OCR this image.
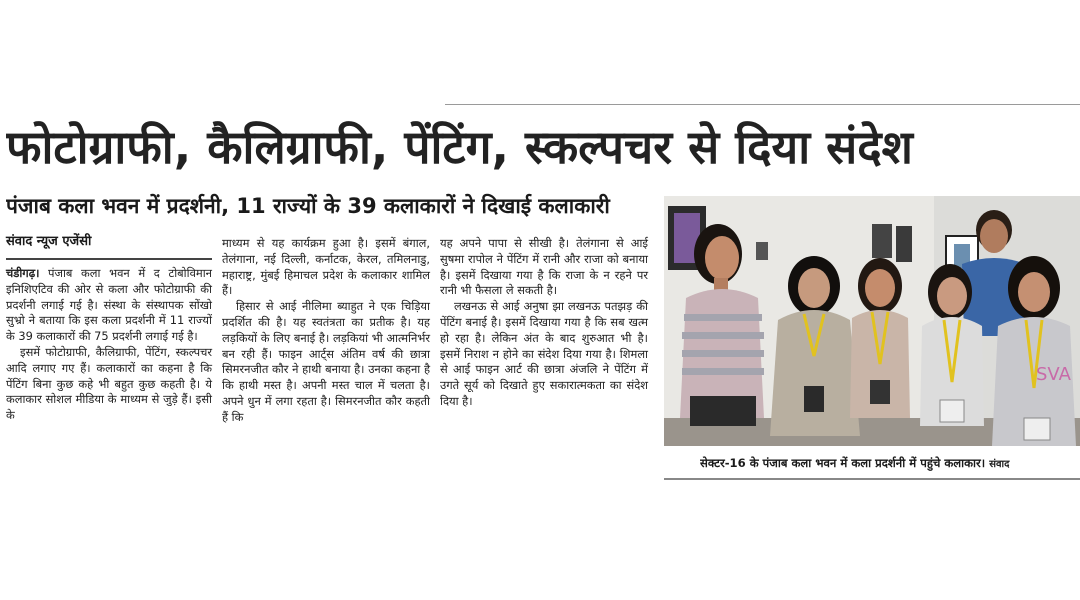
फोटोग्राफी, कैलिग्राफी, पेंटिंग, स्कल्पचर से दिया संदेश
पंजाब कला भवन में प्रदर्शनी, 11 राज्यों के 39 कलाकारों ने दिखाई कलाकारी
संवाद न्यूज एजेंसी

चंडीगढ़। पंजाब कला भवन में द टोबोविमान इनिशिएटिव की ओर से कला और फोटोग्राफी की प्रदर्शनी लगाई गई है। संस्था के संस्थापक सोंखो सुभ्रो ने बताया कि इस कला प्रदर्शनी में 11 राज्यों के 39 कलाकारों की 75 प्रदर्शनी लगाई गई है।

इसमें फोटोग्राफी, कैलिग्राफी, पेंटिंग, स्कल्पचर आदि लगाए गए हैं। कलाकारों का कहना है कि पेंटिंग बिना कुछ कहे भी बहुत कुछ कहती है। ये कलाकार सोशल मीडिया के माध्यम से जुड़े हैं। इसी के

माध्यम से यह कार्यक्रम हुआ है। इसमें बंगाल, तेलंगाना, नई दिल्ली, कर्नाटक, केरल, तमिलनाडु, महाराष्ट्र, मुंबई हिमाचल प्रदेश के कलाकार शामिल हैं।

हिसार से आई नीलिमा ब्याहुत ने एक चिड़िया प्रदर्शित की है। यह स्वतंत्रता का प्रतीक है। यह लड़कियों के लिए बनाई है। लड़कियां भी आत्मनिर्भर बन रही हैं। फाइन आर्ट्स अंतिम वर्ष की छात्रा सिमरनजीत कौर ने हाथी बनाया है। उनका कहना है कि हाथी मस्त है। अपनी मस्त चाल में चलता है। अपने धुन में लगा रहता है। सिमरनजीत कौर कहती हैं कि

यह अपने पापा से सीखी है। तेलंगाना से आई सुषमा रापोल ने पेंटिंग में रानी और राजा को बनाया है। इसमें दिखाया गया है कि राजा के न रहने पर रानी भी फैसला ले सकती है।

लखनऊ से आई अनुषा झा लखनऊ पतझड़ की पेंटिंग बनाई है। इसमें दिखाया गया है कि सब खत्म हो रहा है। लेकिन अंत के बाद शुरुआत भी है। इसमें निराश न होने का संदेश दिया गया है। शिमला से आई फाइन आर्ट की छात्रा अंजलि ने पेंटिंग में उगते सूर्य को दिखाते हुए सकारात्मकता का संदेश दिया है।

SVA
सेक्टर-16 के पंजाब कला भवन में कला प्रदर्शनी में पहुंचे कलाकार। संवाद
